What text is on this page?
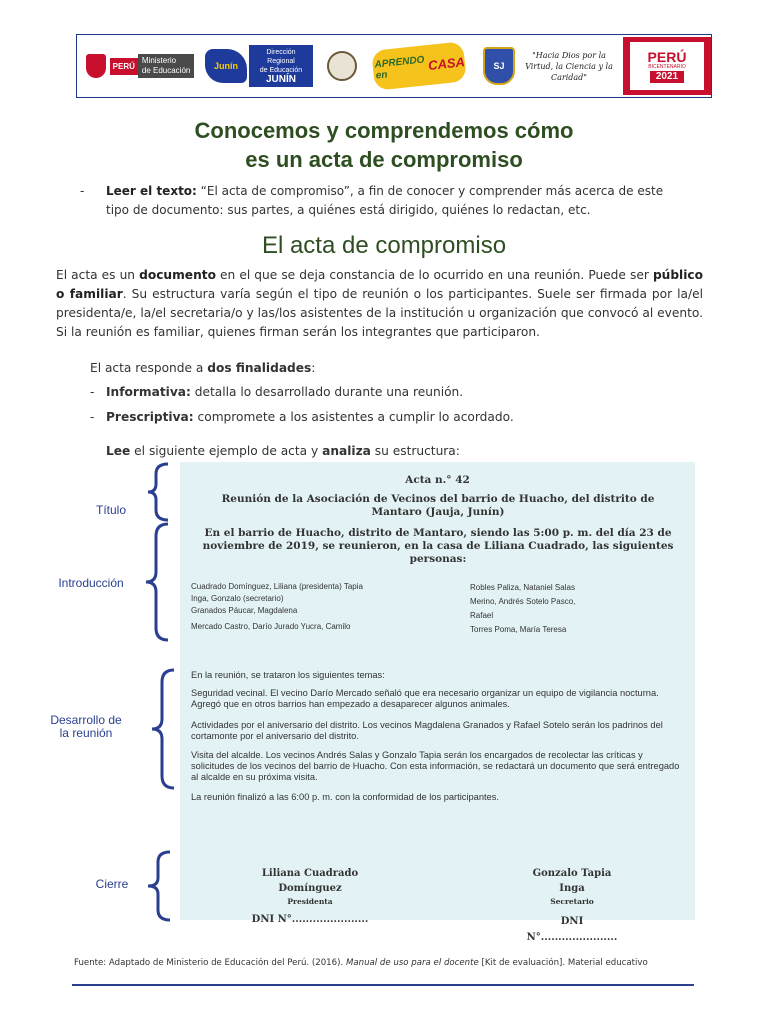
PERÚ
Ministerio
de Educación	Junín
Dirección Regional
de Educación
JUNÍN
APRENDO en
CASA	SJ
"Hacia Dios por la Virtud, la Ciencia y la Caridad"
PERÚ
BICENTENARIO
2021
Conocemos y comprendemos cómo
es un acta de compromiso
- Leer el texto: “El acta de compromiso”, a fin de conocer y comprender más acerca de este
tipo de documento: sus partes, a quiénes está dirigido, quiénes lo redactan, etc.
El acta de compromiso
El acta es un documento en el que se deja constancia de lo ocurrido en una reunión. Puede ser público o familiar. Su estructura varía según el tipo de reunión o los participantes. Suele ser firmada por la/el presidenta/e, la/el secretaria/o y las/los asistentes de la institución u organización que convocó al evento. Si la reunión es familiar, quienes firman serán los integrantes que participaron.
El acta responde a dos finalidades:
- Informativa: detalla lo desarrollado durante una reunión.
- Prescriptiva: compromete a los asistentes a cumplir lo acordado.
Lee el siguiente ejemplo de acta y analiza su estructura:
Título
Introducción
Desarrollo de
la reunión
Cierre
Acta n.° 42
Reunión de la Asociación de Vecinos del barrio de Huacho, del distrito de Mantaro (Jauja, Junín)
En el barrio de Huacho, distrito de Mantaro, siendo las 5:00 p. m. del día 23 de noviembre de 2019, se reunieron, en la casa de Liliana Cuadrado, las siguientes personas:
Cuadrado Domínguez, Liliana (presidenta) Tapia
Inga, Gonzalo (secretario)
Granados Páucar, Magdalena
Mercado Castro, Darío Jurado Yucra, Camilo
Robles Paliza, Nataniel Salas
Merino, Andrés Sotelo Pasco,
Rafael
Torres Poma, María Teresa
En la reunión, se trataron los siguientes temas:
Seguridad vecinal. El vecino Darío Mercado señaló que era necesario organizar un equipo de vigilancia nocturna. Agregó que en otros barrios han empezado a desaparecer algunos animales.
Actividades por el aniversario del distrito. Los vecinos Magdalena Granados y Rafael Sotelo serán los padrinos del cortamonte por el aniversario del distrito.
Visita del alcalde. Los vecinos Andrés Salas y Gonzalo Tapia serán los encargados de recolectar las críticas y solicitudes de los vecinos del barrio de Huacho. Con esta información, se redactará un documento que será entregado al alcalde en su próxima visita.
La reunión finalizó a las 6:00 p. m. con la conformidad de los participantes.
Liliana Cuadrado
Domínguez
Presidenta
DNI N°......................
Gonzalo Tapia
Inga
Secretario
DNI
N°......................
Fuente: Adaptado de Ministerio de Educación del Perú. (2016). Manual de uso para el docente [Kit de evaluación]. Material educativo
